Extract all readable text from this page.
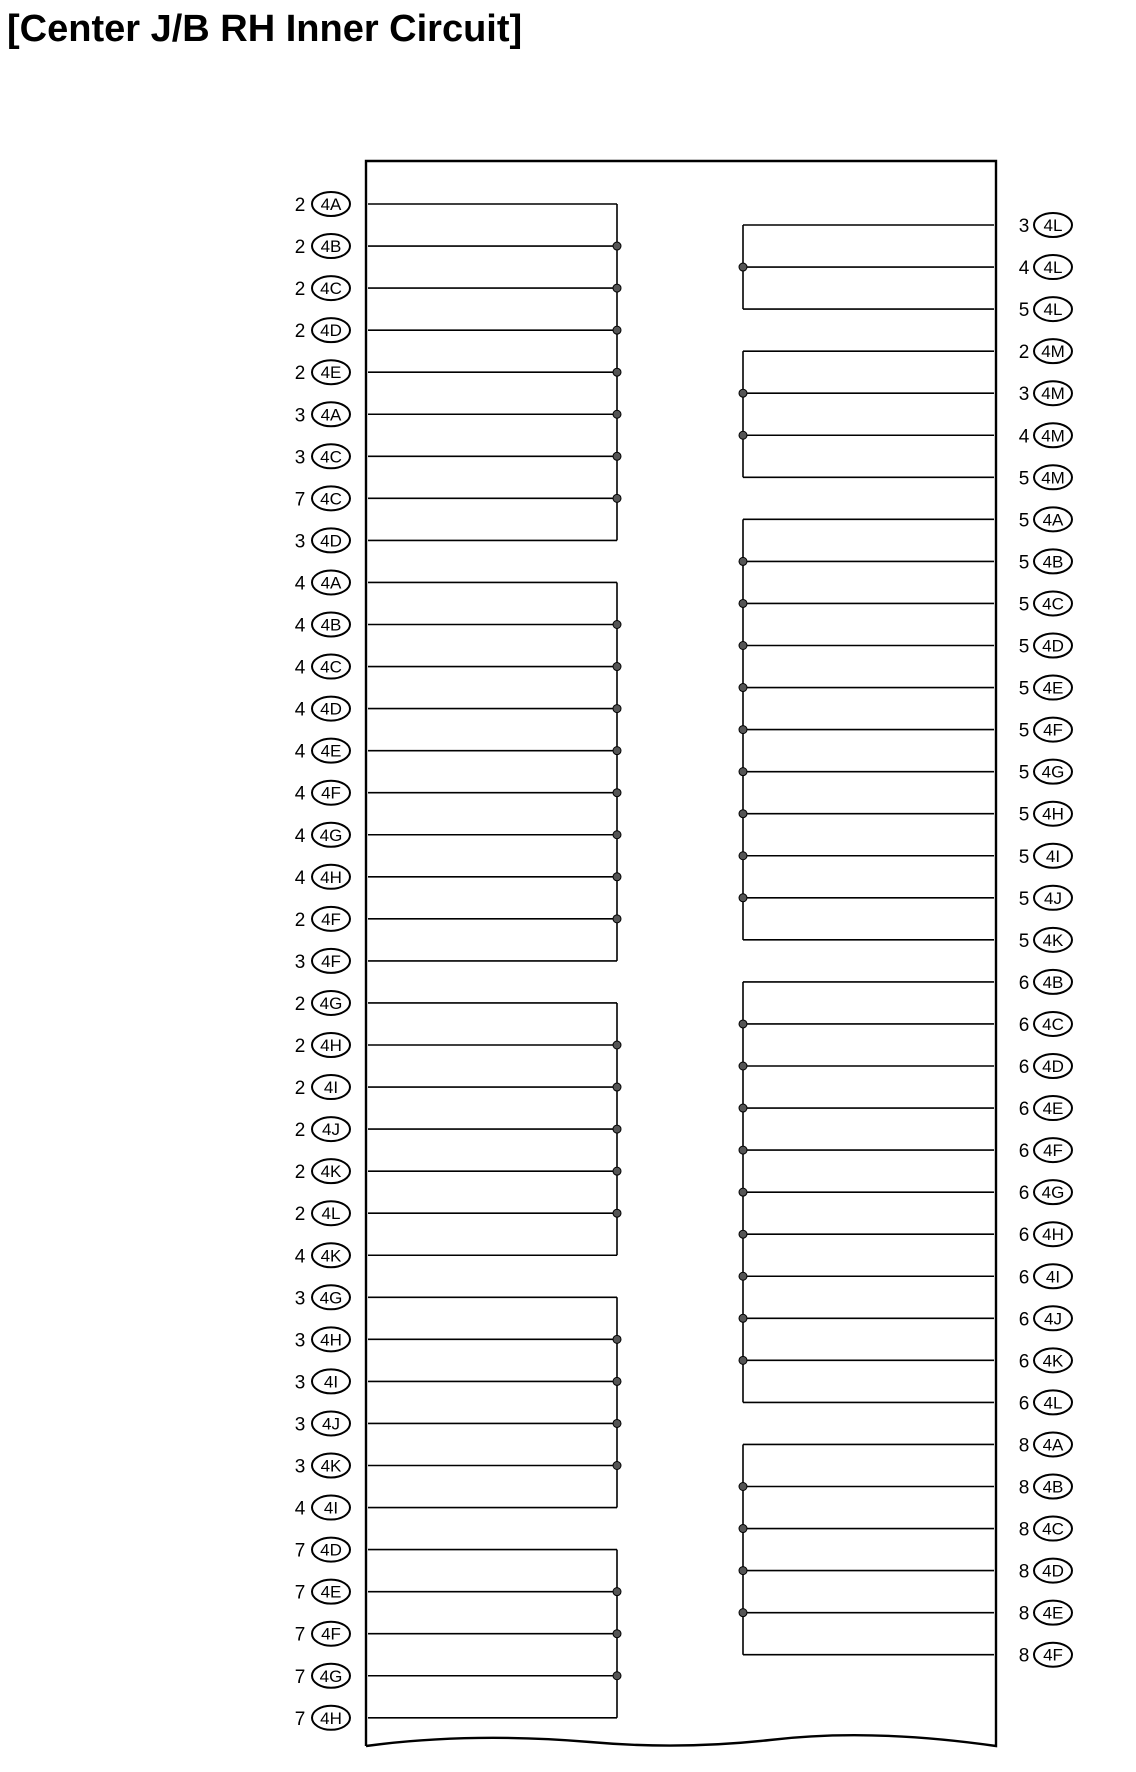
[Center J/B RH Inner Circuit]
2 4A
2 4B
2 4C
2 4D
2 4E
3 4A
3 4C
7 4C
3 4D
4 4A
4 4B
4 4C
4 4D
4 4E
4 4F
4 4G
4 4H
2 4F
3 4F
2 4G
2 4H
2 4I
2 4J
2 4K
2 4L
4 4K
3 4G
3 4H
3 4I
3 4J
3 4K
4 4I
7 4D
7 4E
7 4F
7 4G
7 4H
3 4L
4 4L
5 4L
2 4M
3 4M
4 4M
5 4M
5 4A
5 4B
5 4C
5 4D
5 4E
5 4F
5 4G
5 4H
5 4I
5 4J
5 4K
6 4B
6 4C
6 4D
6 4E
6 4F
6 4G
6 4H
6 4I
6 4J
6 4K
6 4L
8 4A
8 4B
8 4C
8 4D
8 4E
8 4F
